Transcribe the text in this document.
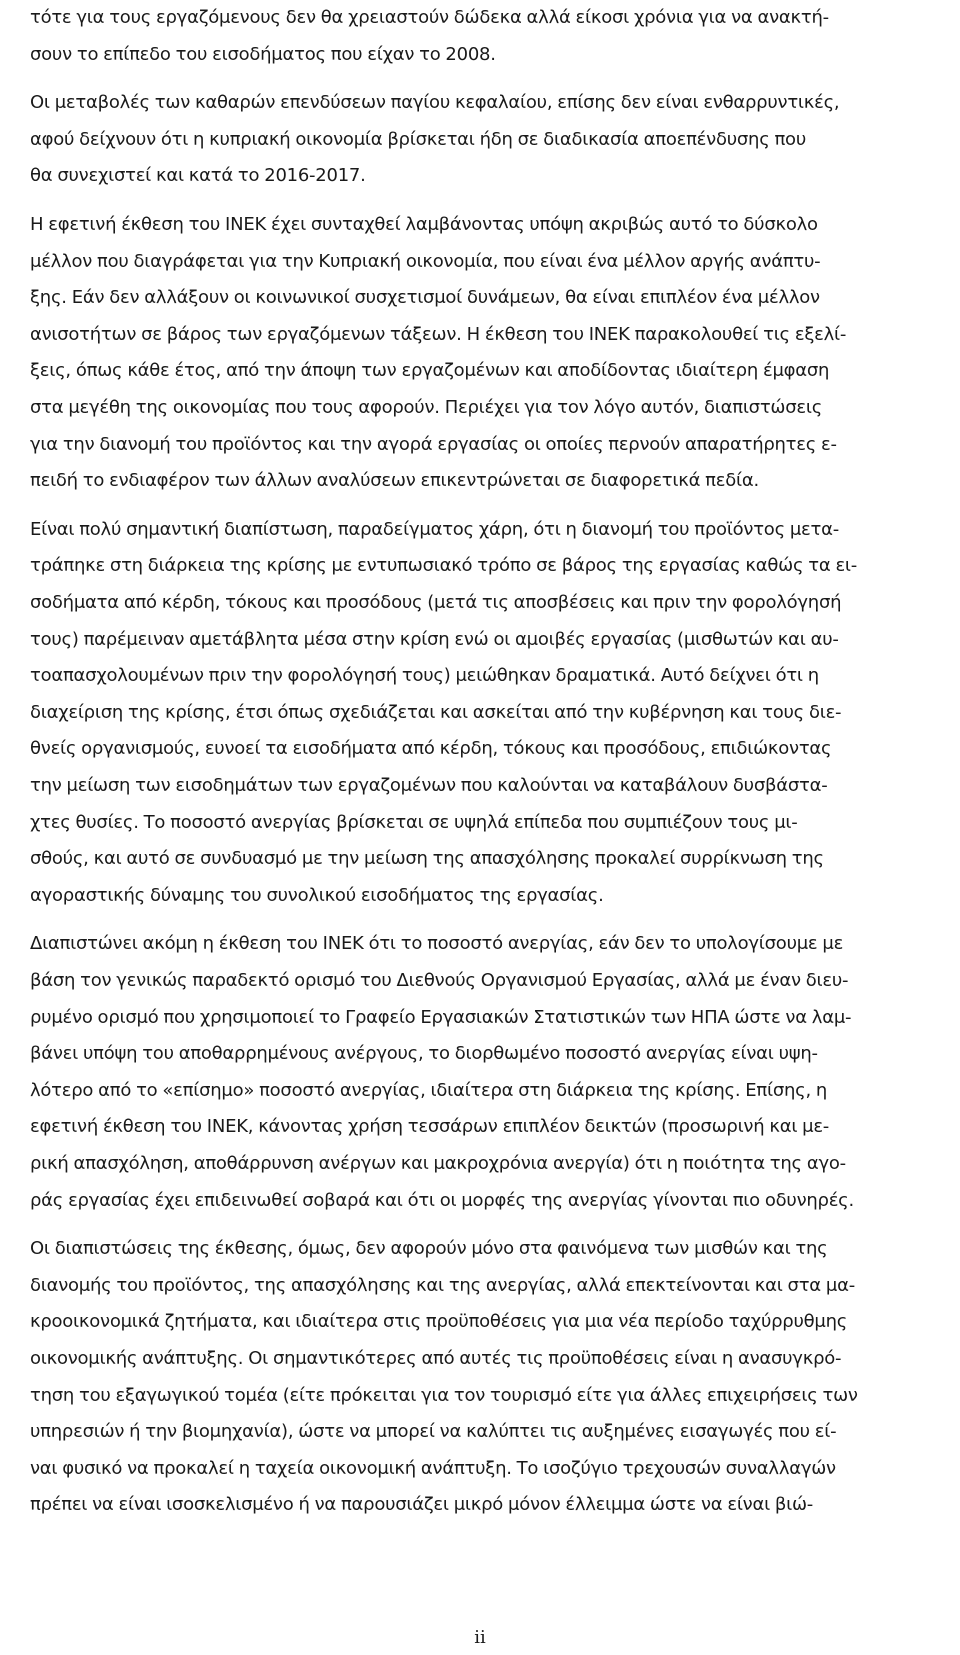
τότε για τους εργαζόμενους δεν θα χρειαστούν δώδεκα αλλά είκοσι χρόνια για να ανακτή-
σουν το επίπεδο του εισοδήματος που είχαν το 2008.
Οι μεταβολές των καθαρών επενδύσεων παγίου κεφαλαίου, επίσης δεν είναι ενθαρρυντικές,
αφού δείχνουν ότι η κυπριακή οικονομία βρίσκεται ήδη σε διαδικασία αποεπένδυσης που
θα συνεχιστεί και κατά το 2016-2017.
Η εφετινή έκθεση του ΙΝΕΚ έχει συνταχθεί λαμβάνοντας υπόψη ακριβώς αυτό το δύσκολο
μέλλον που διαγράφεται για την Κυπριακή οικονομία, που είναι ένα μέλλον αργής ανάπτυ-
ξης. Εάν δεν αλλάξουν οι κοινωνικοί συσχετισμοί δυνάμεων, θα είναι επιπλέον ένα μέλλον
ανισοτήτων σε βάρος των εργαζόμενων τάξεων. Η έκθεση του ΙΝΕΚ παρακολουθεί τις εξελί-
ξεις, όπως κάθε έτος, από την άποψη των εργαζομένων και αποδίδοντας ιδιαίτερη έμφαση
στα μεγέθη της οικονομίας που τους αφορούν. Περιέχει για τον λόγο αυτόν, διαπιστώσεις
για την διανομή του προϊόντος και την αγορά εργασίας οι οποίες περνούν απαρατήρητες ε-
πειδή το ενδιαφέρον των άλλων αναλύσεων επικεντρώνεται σε διαφορετικά πεδία.
Είναι πολύ σημαντική διαπίστωση, παραδείγματος χάρη, ότι η διανομή του προϊόντος μετα-
τράπηκε στη διάρκεια της κρίσης με εντυπωσιακό τρόπο σε βάρος της εργασίας καθώς τα ει-
σοδήματα από κέρδη, τόκους και προσόδους (μετά τις αποσβέσεις και πριν την φορολόγησή
τους) παρέμειναν αμετάβλητα μέσα στην κρίση ενώ οι αμοιβές εργασίας (μισθωτών και αυ-
τοαπασχολουμένων πριν την φορολόγησή τους) μειώθηκαν δραματικά. Αυτό δείχνει ότι η
διαχείριση της κρίσης, έτσι όπως σχεδιάζεται και ασκείται από την κυβέρνηση και τους διε-
θνείς οργανισμούς, ευνοεί τα εισοδήματα από κέρδη, τόκους και προσόδους, επιδιώκοντας
την μείωση των εισοδημάτων των εργαζομένων που καλούνται να καταβάλουν δυσβάστα-
χτες θυσίες. Το ποσοστό ανεργίας βρίσκεται σε υψηλά επίπεδα που συμπιέζουν τους μι-
σθούς, και αυτό σε συνδυασμό με την μείωση της απασχόλησης προκαλεί συρρίκνωση της
αγοραστικής δύναμης του συνολικού εισοδήματος της εργασίας.
Διαπιστώνει ακόμη η έκθεση του ΙΝΕΚ ότι το ποσοστό ανεργίας, εάν δεν το υπολογίσουμε με
βάση τον γενικώς παραδεκτό ορισμό του Διεθνούς Οργανισμού Εργασίας, αλλά με έναν διευ-
ρυμένο ορισμό που χρησιμοποιεί το Γραφείο Εργασιακών Στατιστικών των ΗΠΑ ώστε να λαμ-
βάνει υπόψη του αποθαρρημένους ανέργους, το διορθωμένο ποσοστό ανεργίας είναι υψη-
λότερο από το «επίσημο» ποσοστό ανεργίας, ιδιαίτερα στη διάρκεια της κρίσης. Επίσης, η
εφετινή έκθεση του ΙΝΕΚ, κάνοντας χρήση τεσσάρων επιπλέον δεικτών (προσωρινή και με-
ρική απασχόληση, αποθάρρυνση ανέργων και μακροχρόνια ανεργία) ότι η ποιότητα της αγο-
ράς εργασίας έχει επιδεινωθεί σοβαρά και ότι οι μορφές της ανεργίας γίνονται πιο οδυνηρές.
Οι διαπιστώσεις της έκθεσης, όμως, δεν αφορούν μόνο στα φαινόμενα των μισθών και της
διανομής του προϊόντος, της απασχόλησης και της ανεργίας, αλλά επεκτείνονται και στα μα-
κροοικονομικά ζητήματα, και ιδιαίτερα στις προϋποθέσεις για μια νέα περίοδο ταχύρρυθμης
οικονομικής ανάπτυξης. Οι σημαντικότερες από αυτές τις προϋποθέσεις είναι η ανασυγκρό-
τηση του εξαγωγικού τομέα (είτε πρόκειται για τον τουρισμό είτε για άλλες επιχειρήσεις των
υπηρεσιών ή την βιομηχανία), ώστε να μπορεί να καλύπτει τις αυξημένες εισαγωγές που εί-
ναι φυσικό να προκαλεί η ταχεία οικονομική ανάπτυξη. Το ισοζύγιο τρεχουσών συναλλαγών
πρέπει να είναι ισοσκελισμένο ή να παρουσιάζει μικρό μόνον έλλειμμα ώστε να είναι βιώ-
ii
